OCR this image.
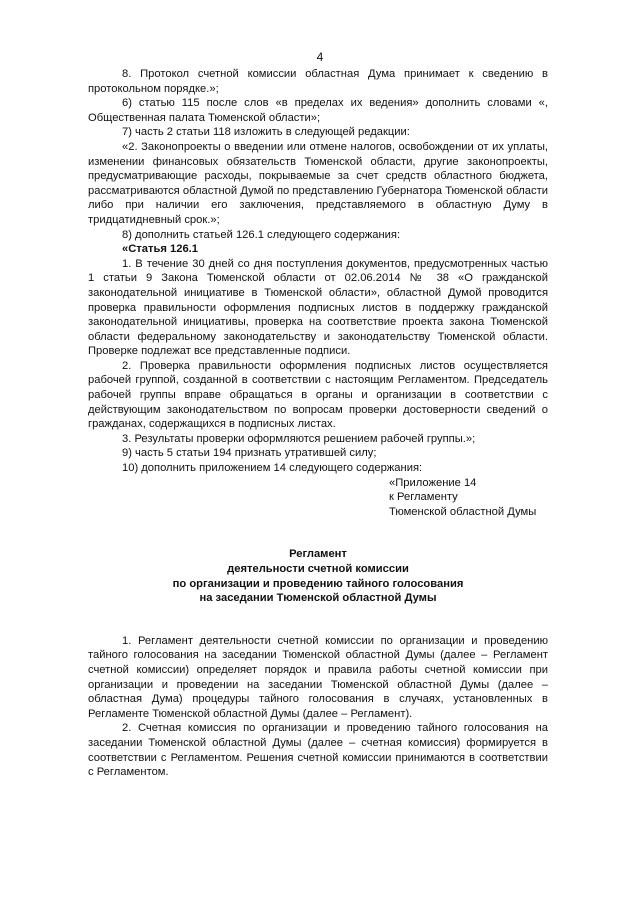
4

8. Протокол счетной комиссии областная Дума принимает к сведению в протокольном порядке.»;

6) статью 115 после слов «в пределах их ведения» дополнить словами «, Общественная палата Тюменской области»;

7) часть 2 статьи 118 изложить в следующей редакции:

«2. Законопроекты о введении или отмене налогов, освобождении от их уплаты, изменении финансовых обязательств Тюменской области, другие законопроекты, предусматривающие расходы, покрываемые за счет средств областного бюджета, рассматриваются областной Думой по представлению Губернатора Тюменской области либо при наличии его заключения, представляемого в областную Думу в тридцатидневный срок.»;

8) дополнить статьей 126.1 следующего содержания:

«Статья 126.1

1. В течение 30 дней со дня поступления документов, предусмотренных частью 1 статьи 9 Закона Тюменской области от 02.06.2014 № 38 «О гражданской законодательной инициативе в Тюменской области», областной Думой проводится проверка правильности оформления подписных листов в поддержку гражданской законодательной инициативы, проверка на соответствие проекта закона Тюменской области федеральному законодательству и законодательству Тюменской области. Проверке подлежат все представленные подписи.

2. Проверка правильности оформления подписных листов осуществляется рабочей группой, созданной в соответствии с настоящим Регламентом. Председатель рабочей группы вправе обращаться в органы и организации в соответствии с действующим законодательством по вопросам проверки достоверности сведений о гражданах, содержащихся в подписных листах.

3. Результаты проверки оформляются решением рабочей группы.»;

9) часть 5 статьи 194 признать утратившей силу;

10) дополнить приложением 14 следующего содержания:

«Приложение 14
к Регламенту
Тюменской областной Думы

Регламент

деятельности счетной комиссии

по организации и проведению тайного голосования

на заседании Тюменской областной Думы

1. Регламент деятельности счетной комиссии по организации и проведению тайного голосования на заседании Тюменской областной Думы (далее – Регламент счетной комиссии) определяет порядок и правила работы счетной комиссии при организации и проведении на заседании Тюменской областной Думы (далее – областная Дума) процедуры тайного голосования в случаях, установленных в Регламенте Тюменской областной Думы (далее – Регламент).

2. Счетная комиссия по организации и проведению тайного голосования на заседании Тюменской областной Думы (далее – счетная комиссия) формируется в соответствии с Регламентом. Решения счетной комиссии принимаются в соответствии с Регламентом.
